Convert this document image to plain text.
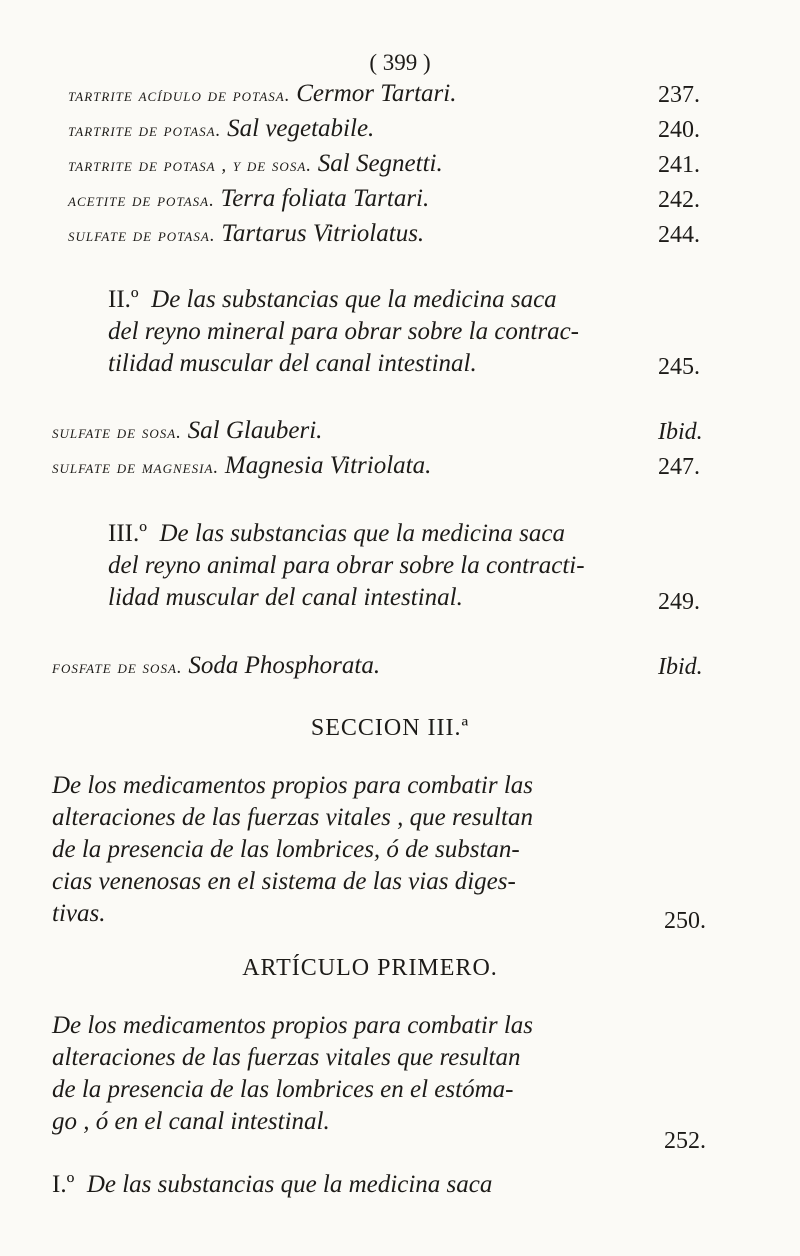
( 399 )
tartrite acídulo de potasa. Cermor Tartari.	237.
tartrite de potasa. Sal vegetabile.	240.
tartrite de potasa , y de sosa. Sal Segnetti.	241.
acetite de potasa. Terra foliata Tartari.	242.
sulfate de potasa. Tartarus Vitriolatus.	244.
II.º De las substancias que la medicina saca
del reyno mineral para obrar sobre la contrac-
tilidad muscular del canal intestinal.	245.
sulfate de sosa. Sal Glauberi.	Ibid.
sulfate de magnesia. Magnesia Vitriolata.	247.
III.º De las substancias que la medicina saca
del reyno animal para obrar sobre la contracti-
lidad muscular del canal intestinal.	249.
fosfate de sosa. Soda Phosphorata.	Ibid.
SECCION III.ª
De los medicamentos propios para combatir las
alteraciones de las fuerzas vitales , que resultan
de la presencia de las lombrices, ó de substan-
cias venenosas en el sistema de las vias diges-
tivas.	250.
ARTÍCULO PRIMERO.
De los medicamentos propios para combatir las
alteraciones de las fuerzas vitales que resultan
de la presencia de las lombrices en el estóma-
go , ó en el canal intestinal.
252.
I.º De las substancias que la medicina saca
